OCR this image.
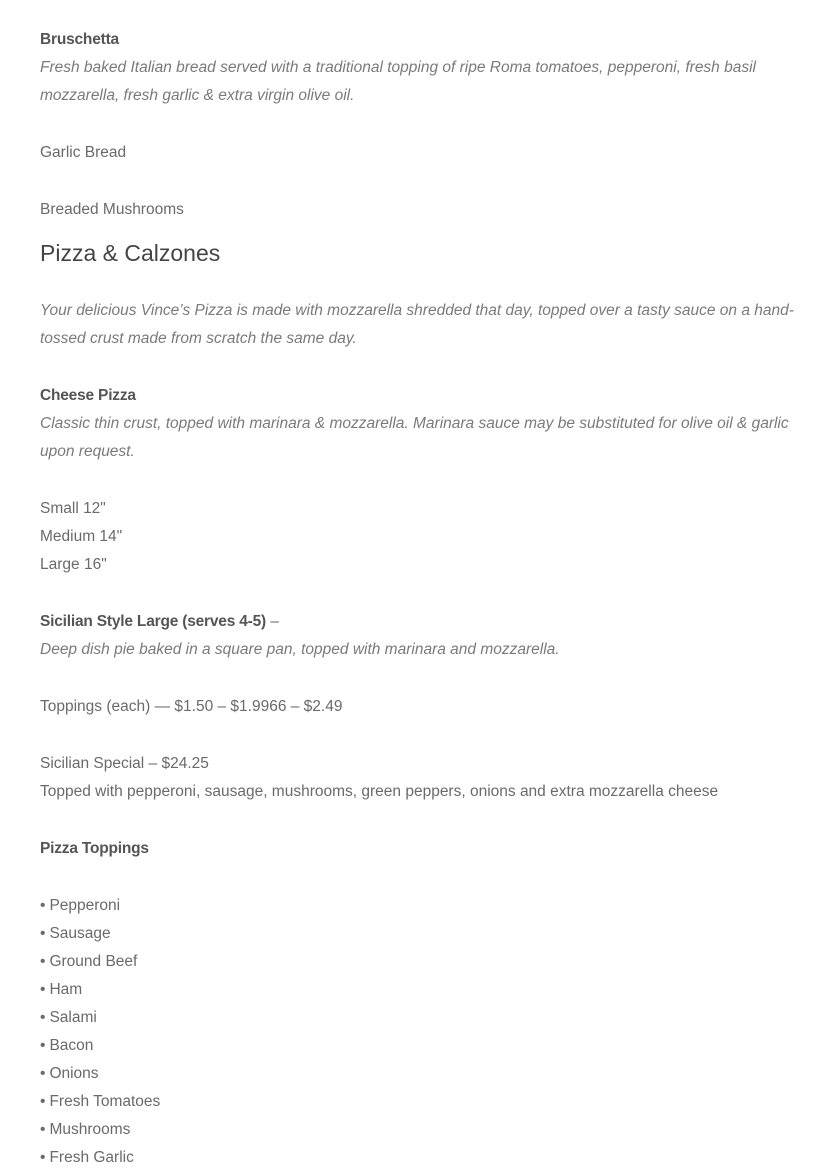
Bruschetta
Fresh baked Italian bread served with a traditional topping of ripe Roma tomatoes, pepperoni, fresh basil mozzarella, fresh garlic & extra virgin olive oil.
Garlic Bread
Breaded Mushrooms
Pizza & Calzones
Your delicious Vince’s Pizza is made with mozzarella shredded that day, topped over a tasty sauce on a hand-tossed crust made from scratch the same day.
Cheese Pizza
Classic thin crust, topped with marinara & mozzarella. Marinara sauce may be substituted for olive oil & garlic upon request.
Small 12"
Medium 14"
Large 16"
Sicilian Style Large (serves 4-5) –
Deep dish pie baked in a square pan, topped with marinara and mozzarella.
Toppings (each) — $1.50 – $1.9966 – $2.49
Sicilian Special – $24.25
Topped with pepperoni, sausage, mushrooms, green peppers, onions and extra mozzarella cheese
Pizza Toppings
• Pepperoni
• Sausage
• Ground Beef
• Ham
• Salami
• Bacon
• Onions
• Fresh Tomatoes
• Mushrooms
• Fresh Garlic
